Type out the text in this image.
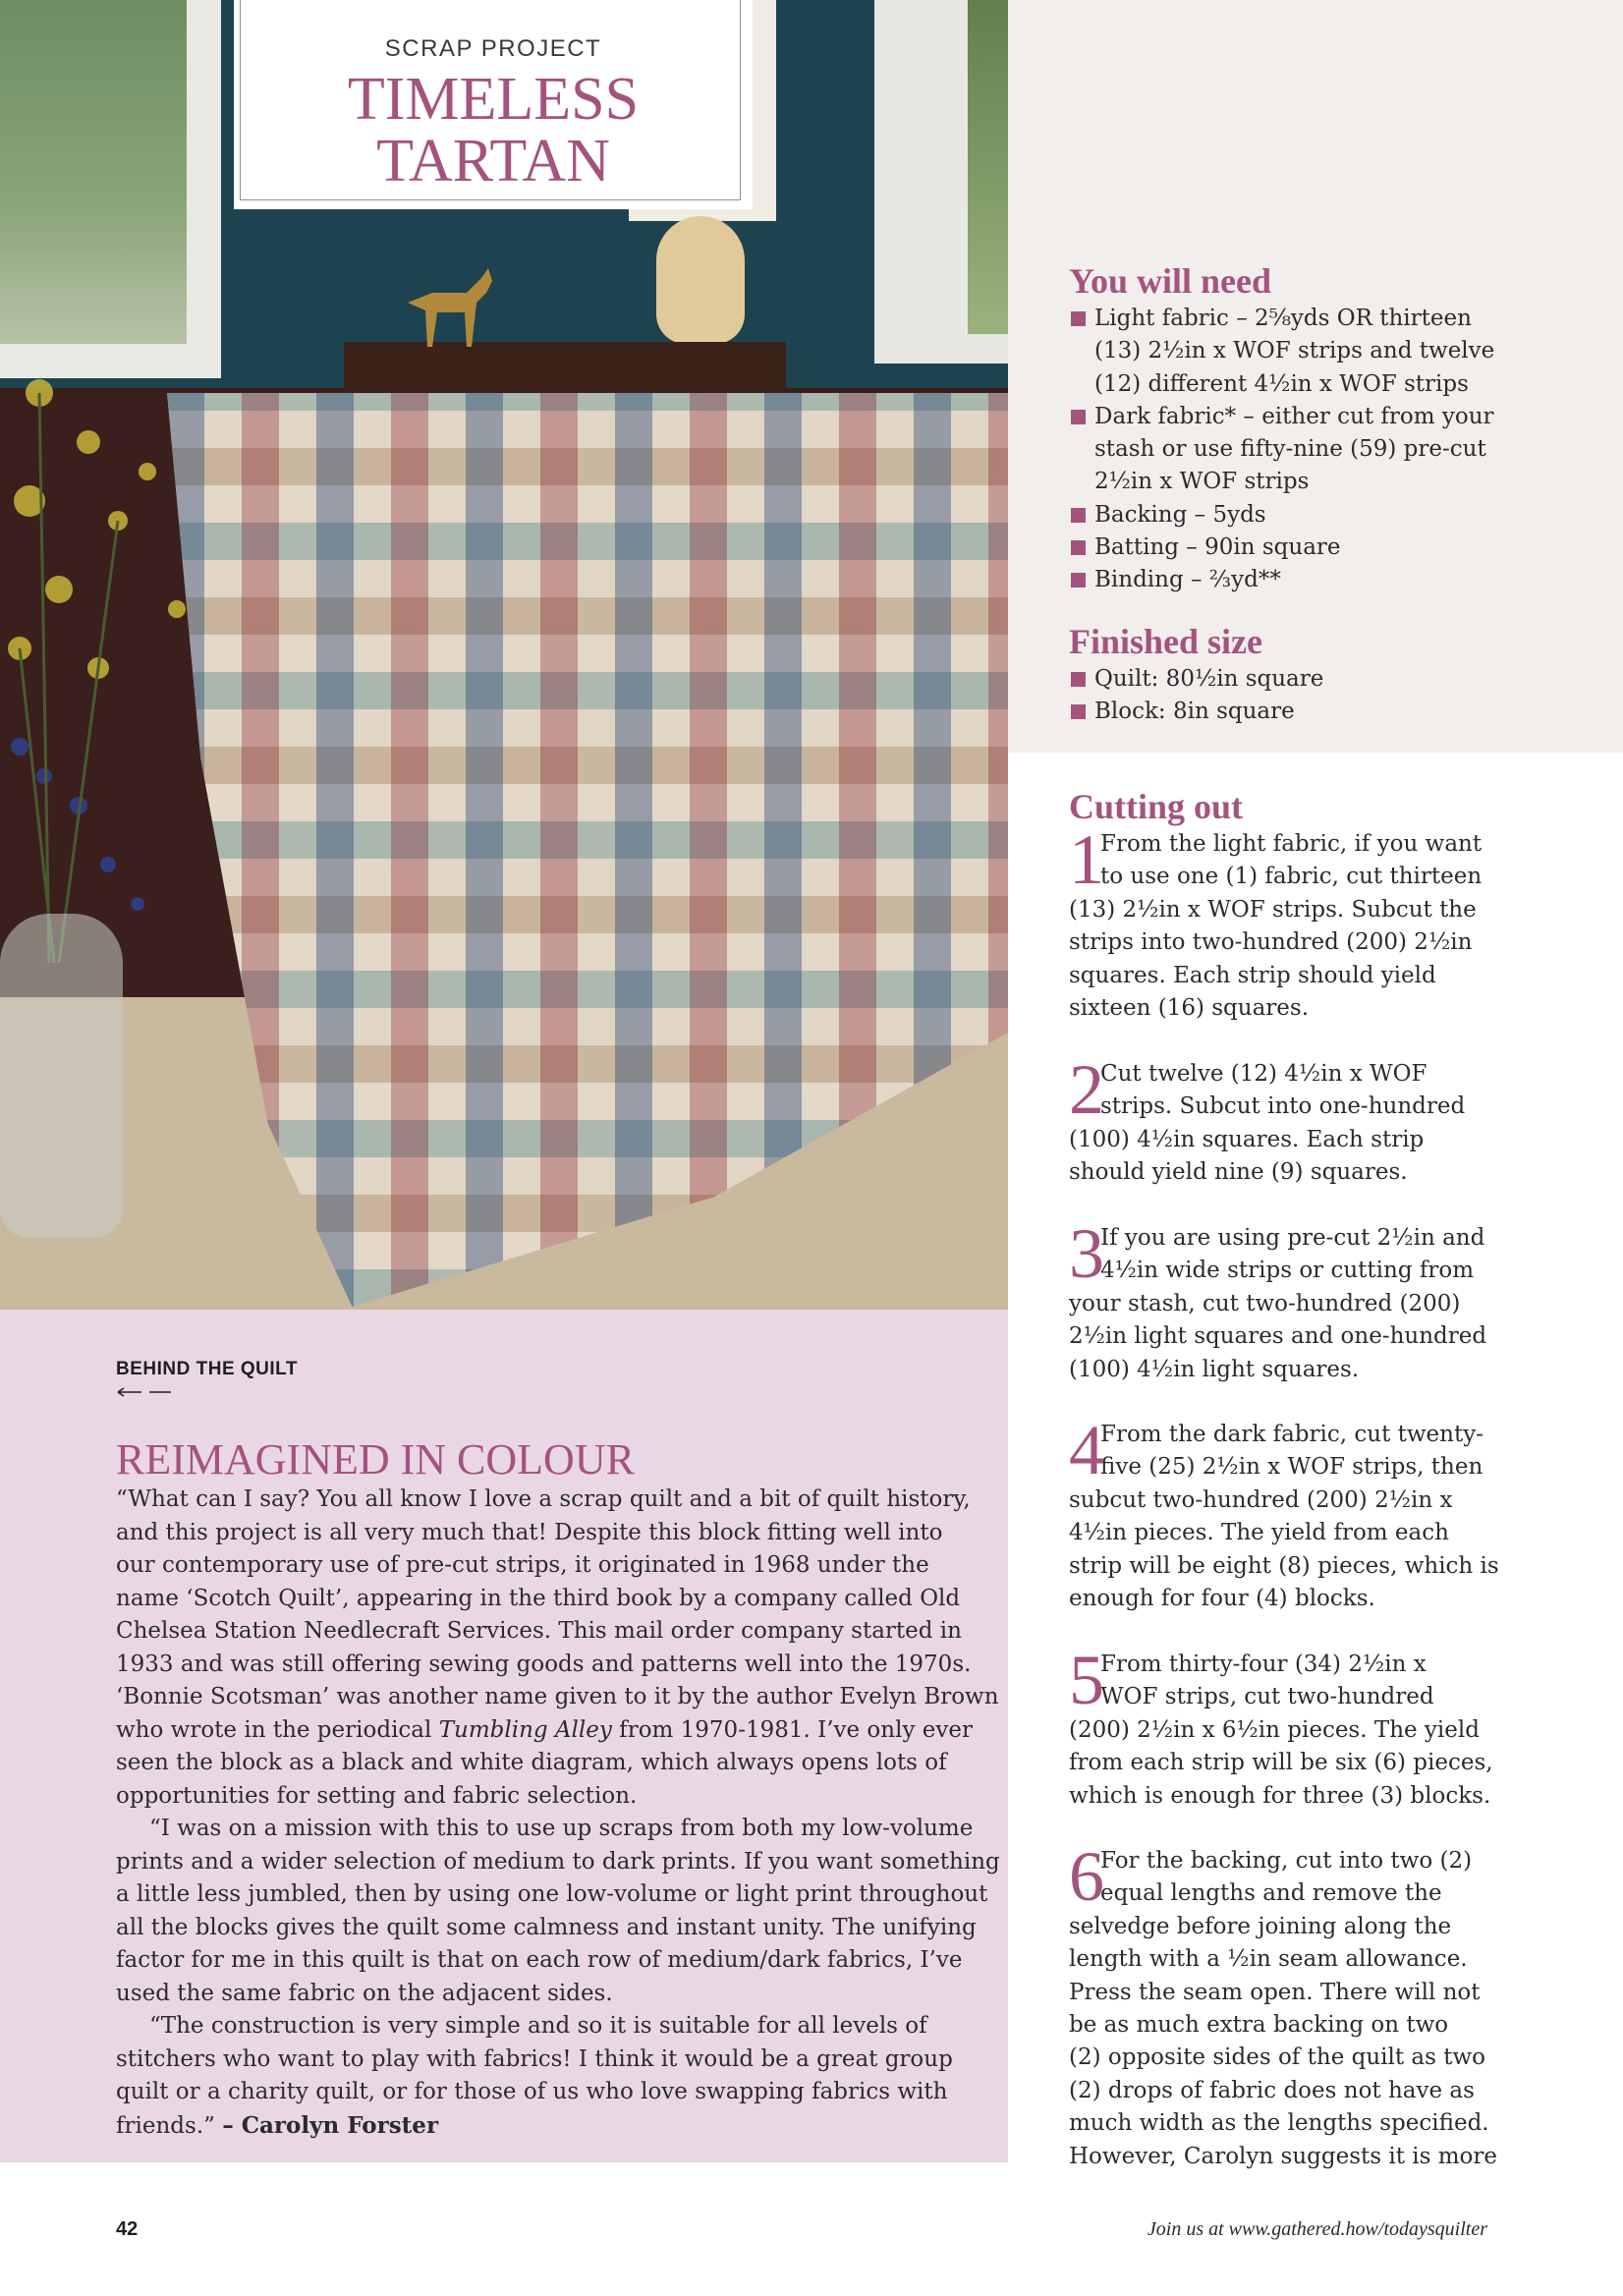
SCRAP PROJECT
TIMELESS
TARTAN
You will need
Light fabric – 2⁵⁄₈yds OR thirteen
(13) 2½in x WOF strips and twelve
(12) different 4½in x WOF strips
Dark fabric* – either cut from your
stash or use fifty-nine (59) pre-cut
2½in x WOF strips
Backing – 5yds
Batting – 90in square
Binding – ⅔yd**
Finished size
Quilt: 80½in square
Block: 8in square
Cutting out
1
From the light fabric, if you want
to use one (1) fabric, cut thirteen
(13) 2½in x WOF strips. Subcut the
strips into two-hundred (200) 2½in
squares. Each strip should yield
sixteen (16) squares.
2
Cut twelve (12) 4½in x WOF
strips. Subcut into one-hundred
(100) 4½in squares. Each strip
should yield nine (9) squares.
3
If you are using pre-cut 2½in and
4½in wide strips or cutting from
your stash, cut two-hundred (200)
2½in light squares and one-hundred
(100) 4½in light squares.
4
From the dark fabric, cut twenty-
five (25) 2½in x WOF strips, then
subcut two-hundred (200) 2½in x
4½in pieces. The yield from each
strip will be eight (8) pieces, which is
enough for four (4) blocks.
5
From thirty-four (34) 2½in x
WOF strips, cut two-hundred
(200) 2½in x 6½in pieces. The yield
from each strip will be six (6) pieces,
which is enough for three (3) blocks.
6
For the backing, cut into two (2)
equal lengths and remove the
selvedge before joining along the
length with a ½in seam allowance.
Press the seam open. There will not
be as much extra backing on two
(2) opposite sides of the quilt as two
(2) drops of fabric does not have as
much width as the lengths specified.
However, Carolyn suggests it is more
BEHIND THE QUILT
REIMAGINED IN COLOUR
“What can I say? You all know I love a scrap quilt and a bit of quilt history,
and this project is all very much that! Despite this block fitting well into
our contemporary use of pre-cut strips, it originated in 1968 under the
name ‘Scotch Quilt’, appearing in the third book by a company called Old
Chelsea Station Needlecraft Services. This mail order company started in
1933 and was still offering sewing goods and patterns well into the 1970s.
‘Bonnie Scotsman’ was another name given to it by the author Evelyn Brown
who wrote in the periodical Tumbling Alley from 1970-1981. I’ve only ever
seen the block as a black and white diagram, which always opens lots of
opportunities for setting and fabric selection.
“I was on a mission with this to use up scraps from both my low-volume
prints and a wider selection of medium to dark prints. If you want something
a little less jumbled, then by using one low-volume or light print throughout
all the blocks gives the quilt some calmness and instant unity. The unifying
factor for me in this quilt is that on each row of medium/dark fabrics, I’ve
used the same fabric on the adjacent sides.
“The construction is very simple and so it is suitable for all levels of
stitchers who want to play with fabrics! I think it would be a great group
quilt or a charity quilt, or for those of us who love swapping fabrics with
friends.” – Carolyn Forster
42	Join us at www.gathered.how/todaysquilter
